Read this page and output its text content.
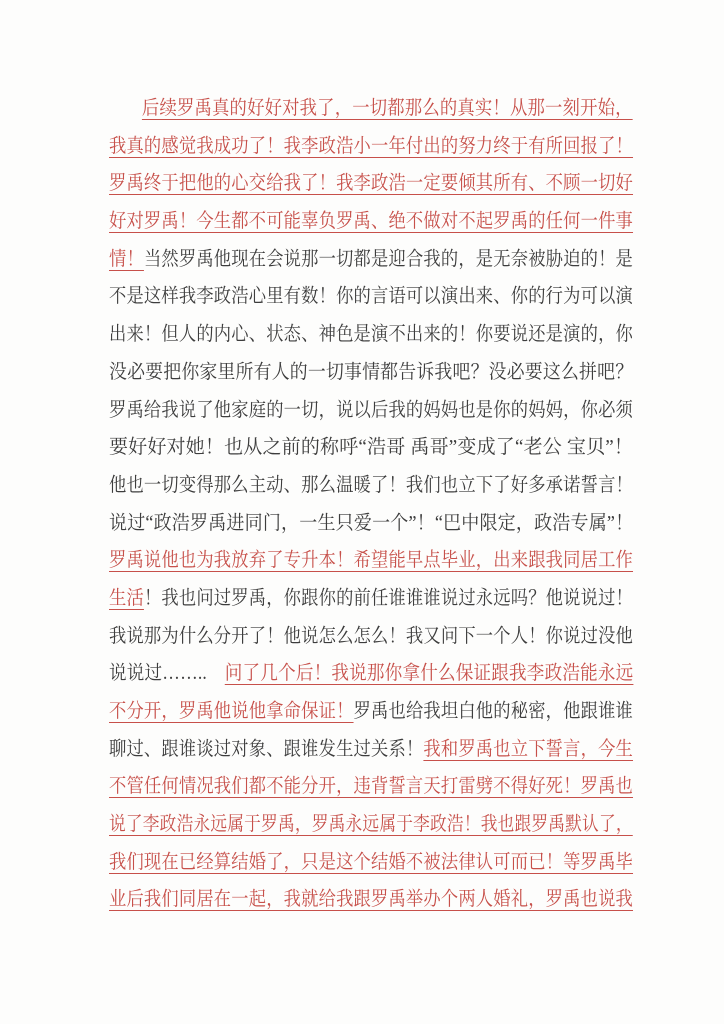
后续罗禹真的好好对我了，一切都那么的真实！从那一刻开始，
我真的感觉我成功了！我李政浩小一年付出的努力终于有所回报了！
罗禹终于把他的心交给我了！我李政浩一定要倾其所有、不顾一切好
好对罗禹！今生都不可能辜负罗禹、绝不做对不起罗禹的任何一件事
情！当然罗禹他现在会说那一切都是迎合我的，是无奈被胁迫的！是
不是这样我李政浩心里有数！你的言语可以演出来、你的行为可以演
出来！但人的内心、状态、神色是演不出来的！你要说还是演的，你
没必要把你家里所有人的一切事情都告诉我吧？没必要这么拼吧？
罗禹给我说了他家庭的一切，说以后我的妈妈也是你的妈妈，你必须
要好好对她！也从之前的称呼“浩哥 禹哥”变成了“老公 宝贝”！
他也一切变得那么主动、那么温暖了！我们也立下了好多承诺誓言！
说过“政浩罗禹进同门，一生只爱一个”！“巴中限定，政浩专属”！
罗禹说他也为我放弃了专升本！希望能早点毕业，出来跟我同居工作
生活！我也问过罗禹，你跟你的前任谁谁谁说过永远吗？他说说过！
我说那为什么分开了！他说怎么怎么！我又问下一个人！你说过没他
说说过……..　问了几个后！我说那你拿什么保证跟我李政浩能永远
不分开，罗禹他说他拿命保证！罗禹也给我坦白他的秘密，他跟谁谁
聊过、跟谁谈过对象、跟谁发生过关系！我和罗禹也立下誓言，今生
不管任何情况我们都不能分开，违背誓言天打雷劈不得好死！罗禹也
说了李政浩永远属于罗禹，罗禹永远属于李政浩！我也跟罗禹默认了，
我们现在已经算结婚了，只是这个结婚不被法律认可而已！等罗禹毕
业后我们同居在一起，我就给我跟罗禹举办个两人婚礼，罗禹也说我
